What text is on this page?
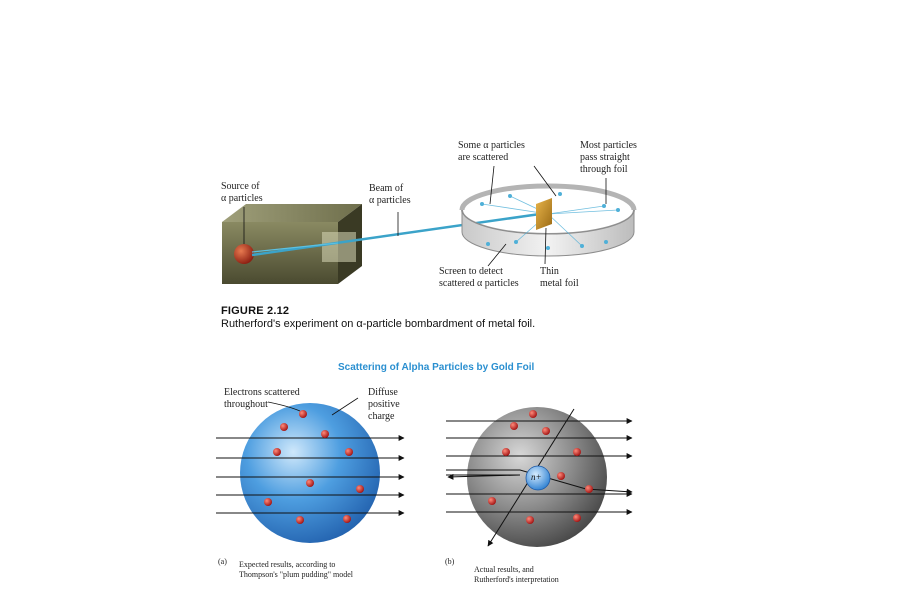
Source of
α particles
Beam of
α particles
Some α particles
are scattered
Most particles
pass straight
through foil
Screen to detect
scattered α particles
Thin
metal foil
FIGURE 2.12
Rutherford's experiment on α-particle bombardment of metal foil.
Scattering of Alpha Particles by Gold Foil
Electrons scattered
throughout
Diffuse
positive
charge
(a) Expected results, according to
Thompson's "plum pudding" model
n+
(b)
Actual results, and
Rutherford's interpretation
